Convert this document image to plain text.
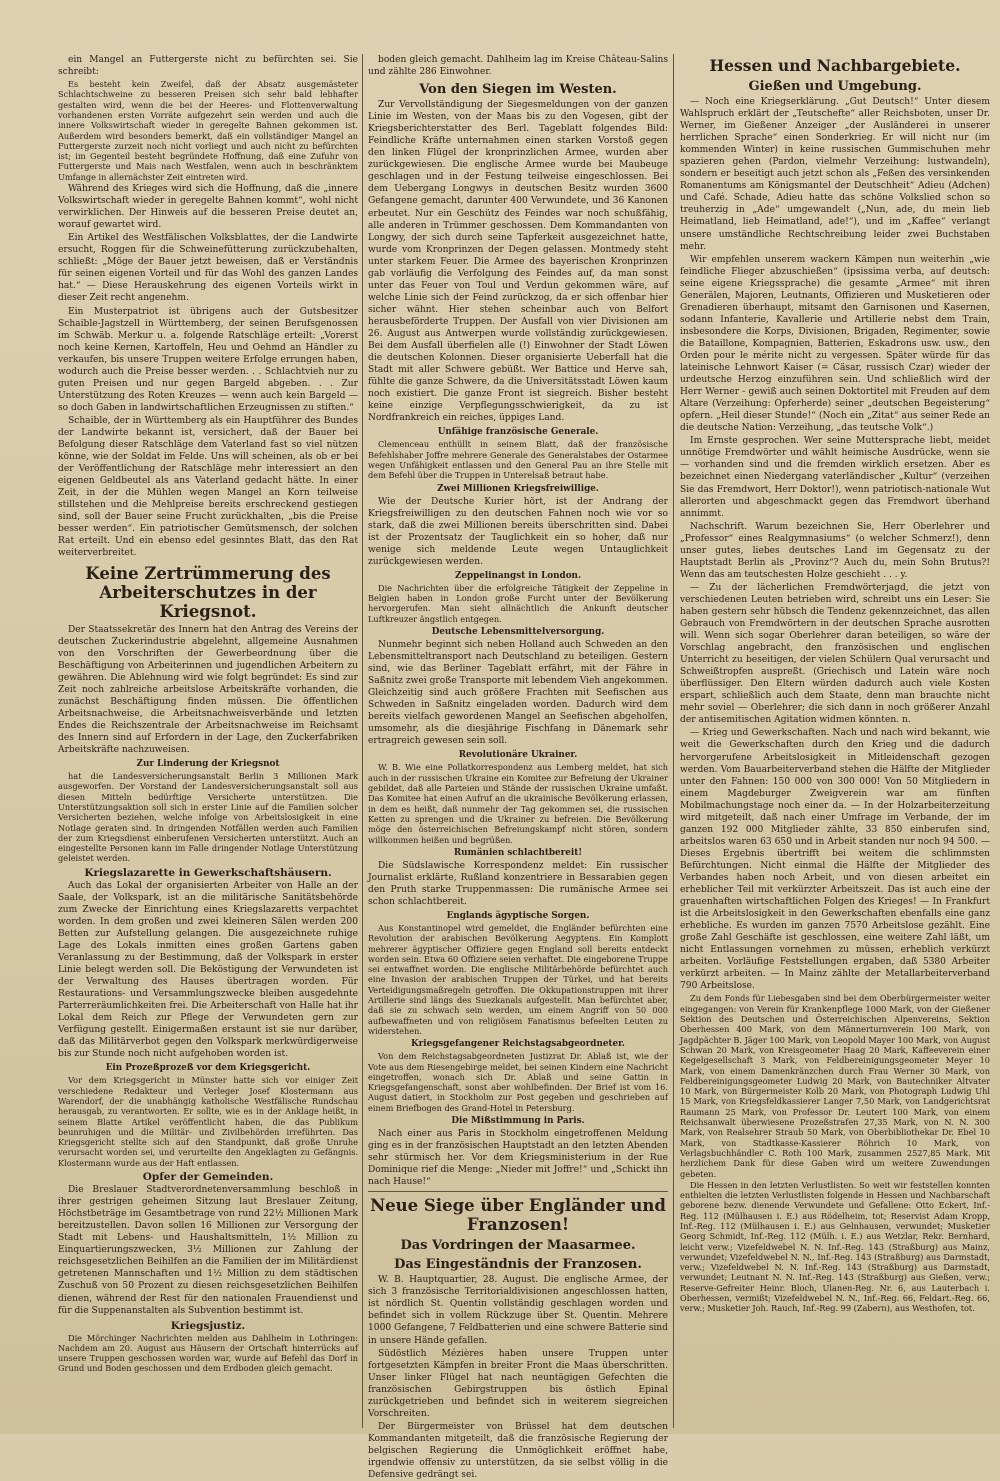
ein Mangel an Futtergerste nicht zu befürchten sei. Sie schreibt:

Es besteht kein Zweifel, daß der Absatz ausgemästeter Schlachtschweine zu besseren Preisen sich sehr bald lebhafter gestalten wird, wenn die bei der Heeres- und Flottenverwaltung vorhandenen ersten Vorräte aufgezehrt sein werden und auch die innere Volkswirtschaft wieder in geregelte Bahnen gekommen ist. Außerdem wird besonders bemerkt, daß ein vollständiger Mangel an Futtergerste zurzeit noch nicht vorliegt und auch nicht zu befürchten ist; im Gegenteil besteht begründete Hoffnung, daß eine Zufuhr von Futtergerste und Mais nach Westfalen, wenn auch in beschränktem Umfange in allernächster Zeit eintreten wird.

Während des Krieges wird sich die Hoffnung, daß die „innere Volkswirtschaft wieder in geregelte Bahnen kommt“, wohl nicht verwirklichen. Der Hinweis auf die besseren Preise deutet an, worauf gewartet wird.

Ein Artikel des Westfälischen Volksblattes, der die Landwirte ersucht, Roggen für die Schweinefütterung zurückzubehalten, schließt: „Möge der Bauer jetzt beweisen, daß er Verständnis für seinen eigenen Vorteil und für das Wohl des ganzen Landes hat.“ — Diese Herauskehrung des eigenen Vorteils wirkt in dieser Zeit recht angenehm.

Ein Musterpatriot ist übrigens auch der Gutsbesitzer Schaible-Jagstzell in Württemberg, der seinen Berufsgenossen im Schwäb. Merkur u. a. folgende Ratschläge erteilt: „Vorerst noch keine Kernen, Kartoffeln, Heu und Oehmd an Händler zu verkaufen, bis unsere Truppen weitere Erfolge errungen haben, wodurch auch die Preise besser werden. . . Schlachtvieh nur zu guten Preisen und nur gegen Bargeld abgeben. . . Zur Unterstützung des Roten Kreuzes — wenn auch kein Bargeld — so doch Gaben in landwirtschaftlichen Erzeugnissen zu stiften.“

Schaible, der in Württemberg als ein Hauptführer des Bundes der Landwirte bekannt ist, versichert, daß der Bauer bei Befolgung dieser Ratschläge dem Vaterland fast so viel nützen könne, wie der Soldat im Felde. Uns will scheinen, als ob er bei der Veröffentlichung der Ratschläge mehr interessiert an den eigenen Geldbeutel als ans Vaterland gedacht hätte. In einer Zeit, in der die Mühlen wegen Mangel an Korn teilweise stillstehen und die Mehlpreise bereits erschreckend gestiegen sind, soll der Bauer seine Frucht zurückhalten, „bis die Preise besser werden“. Ein patriotischer Gemütsmensch, der solchen Rat erteilt. Und ein ebenso edel gesinntes Blatt, das den Rat weiterverbreitet.

Keine Zertrümmerung des Arbeiterschutzes in der Kriegsnot.

Der Staatssekretär des Innern hat den Antrag des Vereins der deutschen Zuckerindustrie abgelehnt, allgemeine Ausnahmen von den Vorschriften der Gewerbeordnung über die Beschäftigung von Arbeiterinnen und jugendlichen Arbeitern zu gewähren. Die Ablehnung wird wie folgt begründet: Es sind zur Zeit noch zahlreiche arbeitslose Arbeitskräfte vorhanden, die zunächst Beschäftigung finden müssen. Die öffentlichen Arbeitsnachweise, die Arbeitsnachweisverbände und letzten Endes die Reichszentrale der Arbeitsnachweise im Reichsamt des Innern sind auf Erfordern in der Lage, den Zuckerfabriken Arbeitskräfte nachzuweisen.

Zur Linderung der Kriegsnot

hat die Landesversicherungsanstalt Berlin 3 Millionen Mark ausgeworfen. Der Vorstand der Landesversicherungsanstalt soll aus diesen Mitteln bedürftige Versicherte unterstützen. Die Unterstützungsaktion soll sich in erster Linie auf die Familien solcher Versicherten beziehen, welche infolge von Arbeitslosigkeit in eine Notlage geraten sind. In dringenden Notfällen werden auch Familien der zum Kriegsdienst einberufenen Versicherten unterstützt. Auch an eingestellte Personen kann im Falle dringender Notlage Unterstützung geleistet werden.

Kriegslazarette in Gewerkschaftshäusern.

Auch das Lokal der organisierten Arbeiter von Halle an der Saale, der Volkspark, ist an die militärische Sanitätsbehörde zum Zwecke der Einrichtung eines Kriegslazaretts verpachtet worden. In dem großen und zwei kleineren Sälen werden 200 Betten zur Aufstellung gelangen. Die ausgezeichnete ruhige Lage des Lokals inmitten eines großen Gartens gaben Veranlassung zu der Bestimmung, daß der Volkspark in erster Linie belegt werden soll. Die Beköstigung der Verwundeten ist der Verwaltung des Hauses übertragen worden. Für Restaurations- und Versammlungszwecke bleiben ausgedehnte Parterreräumlichkeiten frei. Die Arbeiterschaft von Halle hat ihr Lokal dem Reich zur Pflege der Verwundeten gern zur Verfügung gestellt. Einigermaßen erstaunt ist sie nur darüber, daß das Militärverbot gegen den Volkspark merkwürdigerweise bis zur Stunde noch nicht aufgehoben worden ist.

Ein Prozeßprozeß vor dem Kriegsgericht.

Vor dem Kriegsgericht in Münster hatte sich vor einiger Zeit verschiedene Redakteur und Verleger Josef Klostermann aus Warendorf, der die unabhängig katholische Westfälische Rundschau herausgab, zu verantworten. Er sollte, wie es in der Anklage heißt, in seinem Blatte Artikel veröffentlicht haben, die das Publikum beunruhigen und die Militär- und Zivilbehörden irreführten. Das Kriegsgericht stellte sich auf den Standpunkt, daß große Unruhe verursacht worden sei, und verurteilte den Angeklagten zu Gefängnis. Klostermann wurde aus der Haft entlassen.

Opfer der Gemeinden.

Die Breslauer Stadtverordnetenversammlung beschloß in ihrer gestrigen geheimen Sitzung laut Breslauer Zeitung, Höchstbeträge im Gesamtbetrage von rund 22½ Millionen Mark bereitzustellen. Davon sollen 16 Millionen zur Versorgung der Stadt mit Lebens- und Haushaltsmitteln, 1½ Million zu Einquartierungszwecken, 3½ Millionen zur Zahlung der reichsgesetzlichen Beihilfen an die Familien der im Militärdienst getretenen Mannschaften und 1½ Million zu dem städtischen Zuschuß von 50 Prozent zu diesen reichsgesetzlichen Beihilfen dienen, während der Rest für den nationalen Frauendienst und für die Suppenanstalten als Subvention bestimmt ist.

Kriegsjustiz.

Die Mörchinger Nachrichten melden aus Dahlheim in Lothringen: Nachdem am 20. August aus Häusern der Ortschaft hinterrücks auf unsere Truppen geschossen worden war, wurde auf Befehl das Dorf in Grund und Boden geschossen und dem Erdboden gleich gemacht.

boden gleich gemacht. Dahlheim lag im Kreise Château-Salins und zählte 286 Einwohner.

Von den Siegen im Westen.

Zur Vervollständigung der Siegesmeldungen von der ganzen Linie im Westen, von der Maas bis zu den Vogesen, gibt der Kriegsberichterstatter des Berl. Tageblatt folgendes Bild: Feindliche Kräfte unternahmen einen starken Vorstoß gegen den linken Flügel der kronprinzlichen Armee, wurden aber zurückgewiesen. Die englische Armee wurde bei Maubeuge geschlagen und in der Festung teilweise eingeschlossen. Bei dem Uebergang Longwys in deutschen Besitz wurden 3600 Gefangene gemacht, darunter 400 Verwundete, und 36 Kanonen erbeutet. Nur ein Geschütz des Feindes war noch schußfähig, alle anderen in Trümmer geschossen. Dem Kommandanten von Longwy, der sich durch seine Tapferkeit ausgezeichnet hatte, wurde vom Kronprinzen der Degen gelassen. Montmedy steht unter starkem Feuer. Die Armee des bayerischen Kronprinzen gab vorläufig die Verfolgung des Feindes auf, da man sonst unter das Feuer von Toul und Verdun gekommen wäre, auf welche Linie sich der Feind zurückzog, da er sich offenbar hier sicher wähnt. Hier stehen scheinbar auch von Belfort herausbeförderte Truppen. Der Ausfall von vier Divisionen am 26. August aus Antwerpen wurde vollständig zurückgewiesen. Bei dem Ausfall überfielen alle (!) Einwohner der Stadt Löwen die deutschen Kolonnen. Dieser organisierte Ueberfall hat die Stadt mit aller Schwere gebüßt. Wer Battice und Herve sah, fühlte die ganze Schwere, da die Universitätsstadt Löwen kaum noch existiert. Die ganze Front ist siegreich. Bisher besteht keine einzige Verpflegungsschwierigkeit, da zu ist Nordfrankreich ein reiches, üppiges Land.

Unfähige französische Generale.

Clemenceau enthüllt in seinem Blatt, daß der französische Befehlshaber Joffre mehrere Generale des Generalstabes der Ostarmee wegen Unfähigkeit entlassen und den General Pau an ihre Stelle mit dem Befehl über die Truppen in Unterelsaß betraut habe.

Zwei Millionen Kriegsfreiwillige.

Wie der Deutsche Kurier hört, ist der Andrang der Kriegsfreiwilligen zu den deutschen Fahnen noch wie vor so stark, daß die zwei Millionen bereits überschritten sind. Dabei ist der Prozentsatz der Tauglichkeit ein so hoher, daß nur wenige sich meldende Leute wegen Untauglichkeit zurückgewiesen werden.

Zeppelinangst in London.

Die Nachrichten über die erfolgreiche Tätigkeit der Zeppeline in Belgien haben in London große Furcht unter der Bevölkerung hervorgerufen. Man sieht allnächtlich die Ankunft deutscher Luftkreuzer ängstlich entgegen.

Deutsche Lebensmittelversorgung.

Nunmehr beginnt sich neben Holland auch Schweden an den Lebensmitteltransport nach Deutschland zu beteiligen. Gestern sind, wie das Berliner Tageblatt erfährt, mit der Fähre in Saßnitz zwei große Transporte mit lebendem Vieh angekommen. Gleichzeitig sind auch größere Frachten mit Seefischen aus Schweden in Saßnitz eingeladen worden. Dadurch wird dem bereits vielfach gewordenen Mangel an Seefischen abgeholfen, umsomehr, als die diesjährige Fischfang in Dänemark sehr ertragreich gewesen sein soll.

Revolutionäre Ukrainer.

W. B. Wie eine Pollatkorrespondenz aus Lemberg meldet, hat sich auch in der russischen Ukraine ein Komitee zur Befreiung der Ukrainer gebildet, daß alle Parteien und Stände der russischen Ukraine umfaßt. Das Komitee hat einen Aufruf an die ukrainische Bevölkerung erlassen, in dem es heißt, daß nunmehr der Tag gekommen sei, die russischen Ketten zu sprengen und die Ukrainer zu befreien. Die Bevölkerung möge den österreichischen Befreiungskampf nicht stören, sondern willkommen heißen und begrüßen.

Rumänien schlachtbereit!

Die Südslawische Korrespondenz meldet: Ein russischer Journalist erklärte, Rußland konzentriere in Bessarabien gegen den Pruth starke Truppenmassen: Die rumänische Armee sei schon schlachtbereit.

Englands ägyptische Sorgen.

Aus Konstantinopel wird gemeldet, die Engländer befürchten eine Revolution der arabischen Bevölkerung Aegyptens. Ein Komplott mehrerer ägyptischer Offiziere gegen England soll bereits entdeckt worden sein. Etwa 60 Offiziere seien verhaftet. Die eingeborene Truppe sei entwaffnet worden. Die englische Militärbehörde befürchtet auch eine Invasion der arabischen Truppen der Türkei, und hat bereits Verteidigungsmaßregeln getroffen. Die Okkupationstruppen mit ihrer Artillerie sind längs des Suezkanals aufgestellt. Man befürchtet aber, daß sie zu schwach sein werden, um einem Angriff von 50 000 aufbewaffneten und von religiösem Fanatismus befeelten Leuten zu widerstehen.

Kriegsgefangener Reichstagsabgeordneter.

Von dem Reichstagsabgeordneten Justizrat Dr. Ablaß ist, wie der Vote aus dem Riesengebirge meldet, bei seinen Kindern eine Nachricht eingetroffen, wonach sich Dr. Ablaß und seine Gattin in Kriegsgefangenschaft, sonst aber wohlbefinden. Der Brief ist vom 16. August datiert, in Stockholm zur Post gegeben und geschrieben auf einem Briefbogen des Grand-Hotel in Petersburg.

Die Mißstimmung in Paris.

Nach einer aus Paris in Stockholm eingetroffenen Meldung ging es in der französischen Hauptstadt an den letzten Abenden sehr stürmisch her. Vor dem Kriegsministerium in der Rue Dominique rief die Menge: „Nieder mit Joffre!“ und „Schickt ihn nach Hause!“

Neue Siege über Engländer und Franzosen!
Das Vordringen der Maasarmee.
Das Eingeständnis der Franzosen.

W. B. Hauptquartier, 28. August. Die englische Armee, der sich 3 französische Territorialdivisionen angeschlossen hatten, ist nördlich St. Quentin vollständig geschlagen worden und befindet sich in vollem Rückzuge über St. Quentin. Mehrere 1000 Gefangene, 7 Feldbatterien und eine schwere Batterie sind in unsere Hände gefallen.

Südöstlich Mézières haben unsere Truppen unter fortgesetzten Kämpfen in breiter Front die Maas überschritten. Unser linker Flügel hat nach neuntägigen Gefechten die französischen Gebirgstruppen bis östlich Epinal zurückgetrieben und befindet sich in weiterem siegreichen Vorschreiten.

Der Bürgermeister von Brüssel hat dem deutschen Kommandanten mitgeteilt, daß die französische Regierung der belgischen Regierung die Unmöglichkeit eröffnet habe, irgendwie offensiv zu unterstützen, da sie selbst völlig in die Defensive gedrängt sei.

Hessen und Nachbargebiete.
Gießen und Umgebung.

— Noch eine Kriegserklärung. „Gut Deutsch!“ Unter diesem Wahlspruch erklärt der „Teutschefte“ aller Reichsboten, unser Dr. Werner, im Gießener Anzeiger „der Ausländerei in unserer herrlichen Sprache“ einen Sonderkrieg. Er will nicht nur (im kommenden Winter) in keine russischen Gummischuhen mehr spazieren gehen (Pardon, vielmehr Verzeihung: lustwandeln), sondern er beseitigt auch jetzt schon als „Feßen des versinkenden Romanentums am Königsmantel der Deutschheit“ Adieu (Adchen) und Café. Schade, Adieu hatte das schöne Volkslied schon so treuherzig in „Ade“ umgewandelt („Nun, ade, du mein lieb Heimatland, lieb Heimatland, ade!“), und im „Kaffee“ verlangt unsere umständliche Rechtschreibung leider zwei Buchstaben mehr.

Wir empfehlen unserem wackern Kämpen nun weiterhin „wie feindliche Flieger abzuschießen“ (ipsissima verba, auf deutsch: seine eigene Kriegssprache) die gesamte „Armee“ mit ihren Generälen, Majoren, Leutnants, Offizieren und Musketieren oder Grenadieren überhaupt, mitsamt den Garnisonen und Kasernen, sodann Infanterie, Kavallerie und Artillerie nebst dem Train, insbesondere die Korps, Divisionen, Brigaden, Regimenter, sowie die Bataillone, Kompagnien, Batterien, Eskadrons usw. usw., den Orden pour le mérite nicht zu vergessen. Später würde für das lateinische Lehnwort Kaiser (= Cäsar, russisch Czar) wieder der urdeutsche Herzog einzuführen sein. Und schließlich wird der Herr Werner - gewiß auch seinen Doktortitel mit Freuden auf dem Altare (Verzeihung: Opferherde) seiner „deutschen Begeisterung“ opfern. „Heil dieser Stunde!“ (Noch ein „Zitat“ aus seiner Rede an die deutsche Nation: Verzeihung, „das teutsche Volk“.)

Im Ernste gesprochen. Wer seine Muttersprache liebt, meidet unnötige Fremdwörter und wählt heimische Ausdrücke, wenn sie — vorhanden sind und die fremden wirklich ersetzen. Aber es bezeichnet einen Niedergang vaterländischer „Kultur“ (verzeihen Sie das Fremdwort, Herr Doktor!), wenn patriotisch-nationale Wut allerorten und abgeschmackt gegen das Fremdwort überhand annimmt.

Nachschrift. Warum bezeichnen Sie, Herr Oberlehrer und „Professor“ eines Realgymnasiums“ (o welcher Schmerz!), denn unser gutes, liebes deutsches Land im Gegensatz zu der Hauptstadt Berlin als „Provinz“? Auch du, mein Sohn Brutus?! Wenn das am teutschesten Holze geschieht . . . y.

— Zu der lächerlichen Fremdwörterjagd, die jetzt von verschiedenen Leuten betrieben wird, schreibt uns ein Leser: Sie haben gestern sehr hübsch die Tendenz gekennzeichnet, das allen Gebrauch von Fremdwörtern in der deutschen Sprache ausrotten will. Wenn sich sogar Oberlehrer daran beteiligen, so wäre der Vorschlag angebracht, den französischen und englischen Unterricht zu beseitigen, der vielen Schülern Qual verursacht und Schweißtropfen auspreßt. (Griechisch und Latein wäre noch überflüssiger. Den Eltern würden dadurch auch viele Kosten erspart, schließlich auch dem Staate, denn man brauchte nicht mehr soviel — Oberlehrer; die sich dann in noch größerer Anzahl der antisemitischen Agitation widmen könnten. n.

— Krieg und Gewerkschaften. Nach und nach wird bekannt, wie weit die Gewerkschaften durch den Krieg und die dadurch hervorgerufene Arbeitslosigkeit in Mitleidenschaft gezogen werden. Vom Bauarbeiterverband stehen die Hälfte der Mitglieder unter den Fahnen: 150 000 von 300 000! Von 50 Mitgliedern in einem Magdeburger Zweigverein war am fünften Mobilmachungstage noch einer da. — In der Holzarbeiterzeitung wird mitgeteilt, daß nach einer Umfrage im Verbande, der im ganzen 192 000 Mitglieder zählte, 33 850 einberufen sind, arbeitslos waren 63 650 und in Arbeit standen nur noch 94 500. — Dieses Ergebnis übertrifft bei weitem die schlimmsten Befürchtungen. Nicht einmal die Hälfte der Mitglieder des Verbandes haben noch Arbeit, und von diesen arbeitet ein erheblicher Teil mit verkürzter Arbeitszeit. Das ist auch eine der grauenhaften wirtschaftlichen Folgen des Krieges! — In Frankfurt ist die Arbeitslosigkeit in den Gewerkschaften ebenfalls eine ganz erhebliche. Es wurden im ganzen 7570 Arbeitslose gezählt. Eine große Zahl Geschäfte ist geschlossen, eine weitere Zahl läßt, um nicht Entlassungen vornehmen zu müssen, erheblich verkürzt arbeiten. Vorläufige Feststellungen ergaben, daß 5380 Arbeiter verkürzt arbeiten. — In Mainz zählte der Metallarbeiterverband 790 Arbeitslose.

Zu dem Fonds für Liebesgaben sind bei dem Oberbürgermeister weiter eingegangen: von Verein für Krankenpflege 1000 Mark, von der Gießener Sektion des Deutschen und Österreichischen Alpenvereins, Sektion Oberhessen 400 Mark, von dem Männerturnverein 100 Mark, von Jagdpächter B. Jäger 100 Mark, von Leopold Mayer 100 Mark, von August Schwan 20 Mark, von Kreisgeometer Haag 20 Mark, Kaffeeverein einer Kegelgesellschaft 3 Mark, von Feldbereinigungsgeometer Meyer 10 Mark, von einem Damenkränzchen durch Frau Werner 30 Mark, von Feldbereinigungsgeometer Ludwig 20 Mark, von Bautechniker Altvater 10 Mark, von Bürgermeister Kolb 20 Mark, von Photograph Ludwig Uhl 15 Mark, von Kriegsfeldkassierer Langer 7,50 Mark, von Landgerichtsrat Raumann 25 Mark, von Professor Dr. Leutert 100 Mark, von einem Reichsanwalt überwiesene Prozeßstrafen 27,35 Mark, von N. N. 300 Mark, von Realsehrer Straub 50 Mark, von Oberbibliothekar Dr. Ebel 10 Mark, von Stadtkasse-Kassierer Röhrich 10 Mark, von Verlagsbuchhändler C. Roth 100 Mark, zusammen 2527,85 Mark. Mit herzlichem Dank für diese Gaben wird um weitere Zuwendungen gebeten.

Die Hessen in den letzten Verlustlisten. So weit wir feststellen konnten enthielten die letzten Verlustlisten folgende in Hessen und Nachbarschaft geborene bezw. dienende Verwundete und Gefallene: Otto Eckert, Inf.-Reg. 112 (Mülhausen i. E.) aus Rödelheim, tot; Reservist Adam Kropp, Inf.-Reg. 112 (Mülhausen i. E.) aus Gelnhausen, verwundet; Musketier Georg Schmidt, Inf.-Reg. 112 (Mülh. i. E.) aus Wetzlar, Rekr. Bernhard, leicht verw.; Vizefeldwebel N. N. Inf.-Reg. 143 (Straßburg) aus Mainz, verwundet; Vizefeldwebel N. N., Inf.-Reg. 143 (Straßburg) aus Darmstadt, verw.; Vizefeldwebel N. N. Inf.-Reg. 143 (Straßburg) aus Darmstadt, verwundet; Leutnant N. N. Inf.-Reg. 143 (Straßburg) aus Gießen, verw.; Reserve-Gefreiter Heinr. Bloch, Ulanen-Reg. Nr. 6, aus Lauterbach i. Oberhessen, vermißt; Vizefeldwebel N. N., Inf.-Reg. 66, Feldart.-Reg. 66, verw.; Musketier Joh. Rauch, Inf.-Reg. 99 (Zabern), aus Westhofen, tot.
